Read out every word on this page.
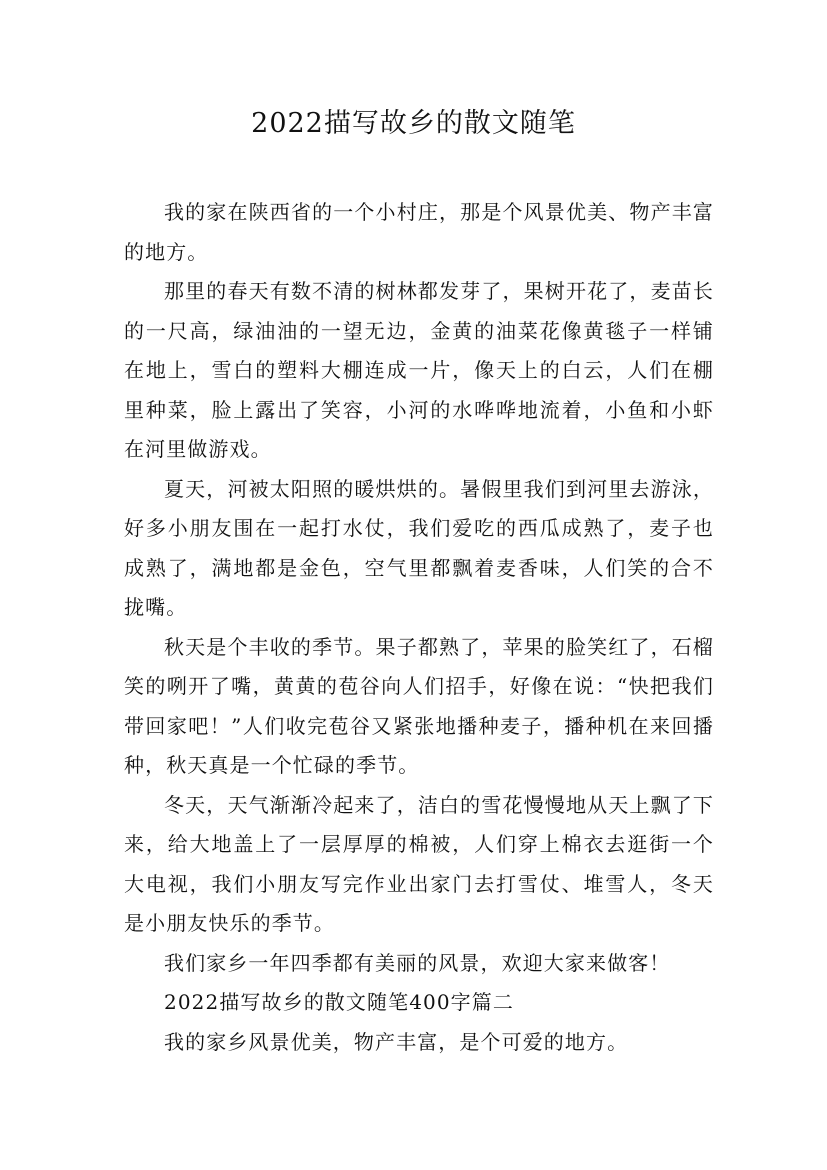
2022描写故乡的散文随笔

我的家在陕西省的一个小村庄，那是个风景优美、物产丰富的地方。

那里的春天有数不清的树林都发芽了，果树开花了，麦苗长的一尺高，绿油油的一望无边，金黄的油菜花像黄毯子一样铺在地上，雪白的塑料大棚连成一片，像天上的白云，人们在棚里种菜，脸上露出了笑容，小河的水哗哗地流着，小鱼和小虾在河里做游戏。

夏天，河被太阳照的暖烘烘的。暑假里我们到河里去游泳，好多小朋友围在一起打水仗，我们爱吃的西瓜成熟了，麦子也成熟了，满地都是金色，空气里都飘着麦香味，人们笑的合不拢嘴。

秋天是个丰收的季节。果子都熟了，苹果的脸笑红了，石榴笑的咧开了嘴，黄黄的苞谷向人们招手，好像在说：“快把我们带回家吧！”人们收完苞谷又紧张地播种麦子，播种机在来回播种，秋天真是一个忙碌的季节。

冬天，天气渐渐冷起来了，洁白的雪花慢慢地从天上飘了下来，给大地盖上了一层厚厚的棉被，人们穿上棉衣去逛街一个大电视，我们小朋友写完作业出家门去打雪仗、堆雪人，冬天是小朋友快乐的季节。

我们家乡一年四季都有美丽的风景，欢迎大家来做客！

2022描写故乡的散文随笔400字篇二

我的家乡风景优美，物产丰富，是个可爱的地方。
